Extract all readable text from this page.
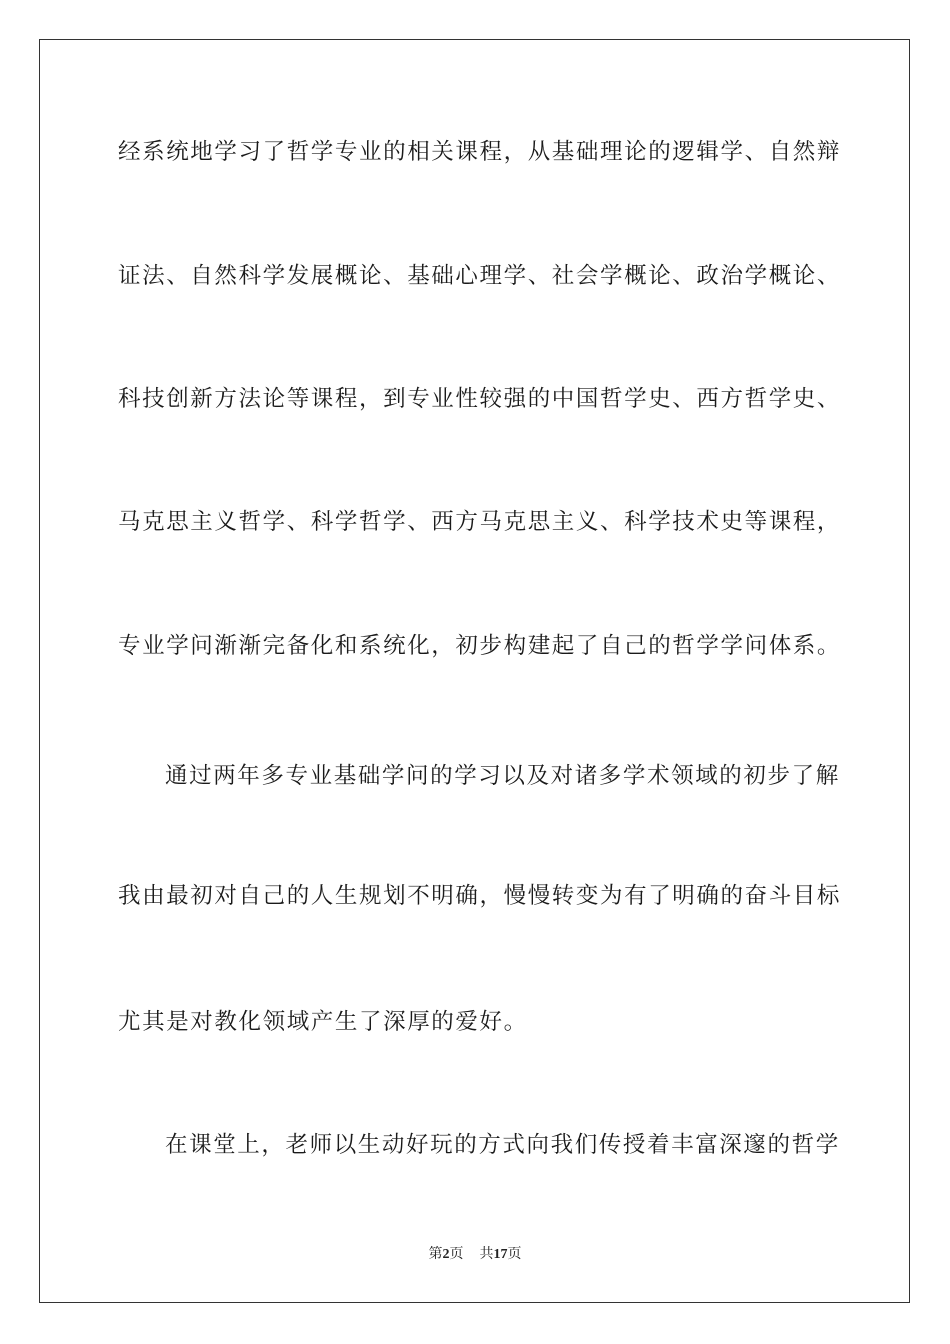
经系统地学习了哲学专业的相关课程，从基础理论的逻辑学、自然辩
证法、自然科学发展概论、基础心理学、社会学概论、政治学概论、
科技创新方法论等课程，到专业性较强的中国哲学史、西方哲学史、
马克思主义哲学、科学哲学、西方马克思主义、科学技术史等课程，
专业学问渐渐完备化和系统化，初步构建起了自己的哲学学问体系。
通过两年多专业基础学问的学习以及对诸多学术领域的初步了解
我由最初对自己的人生规划不明确，慢慢转变为有了明确的奋斗目标
尤其是对教化领域产生了深厚的爱好。
在课堂上，老师以生动好玩的方式向我们传授着丰富深邃的哲学
第2页 共17页
